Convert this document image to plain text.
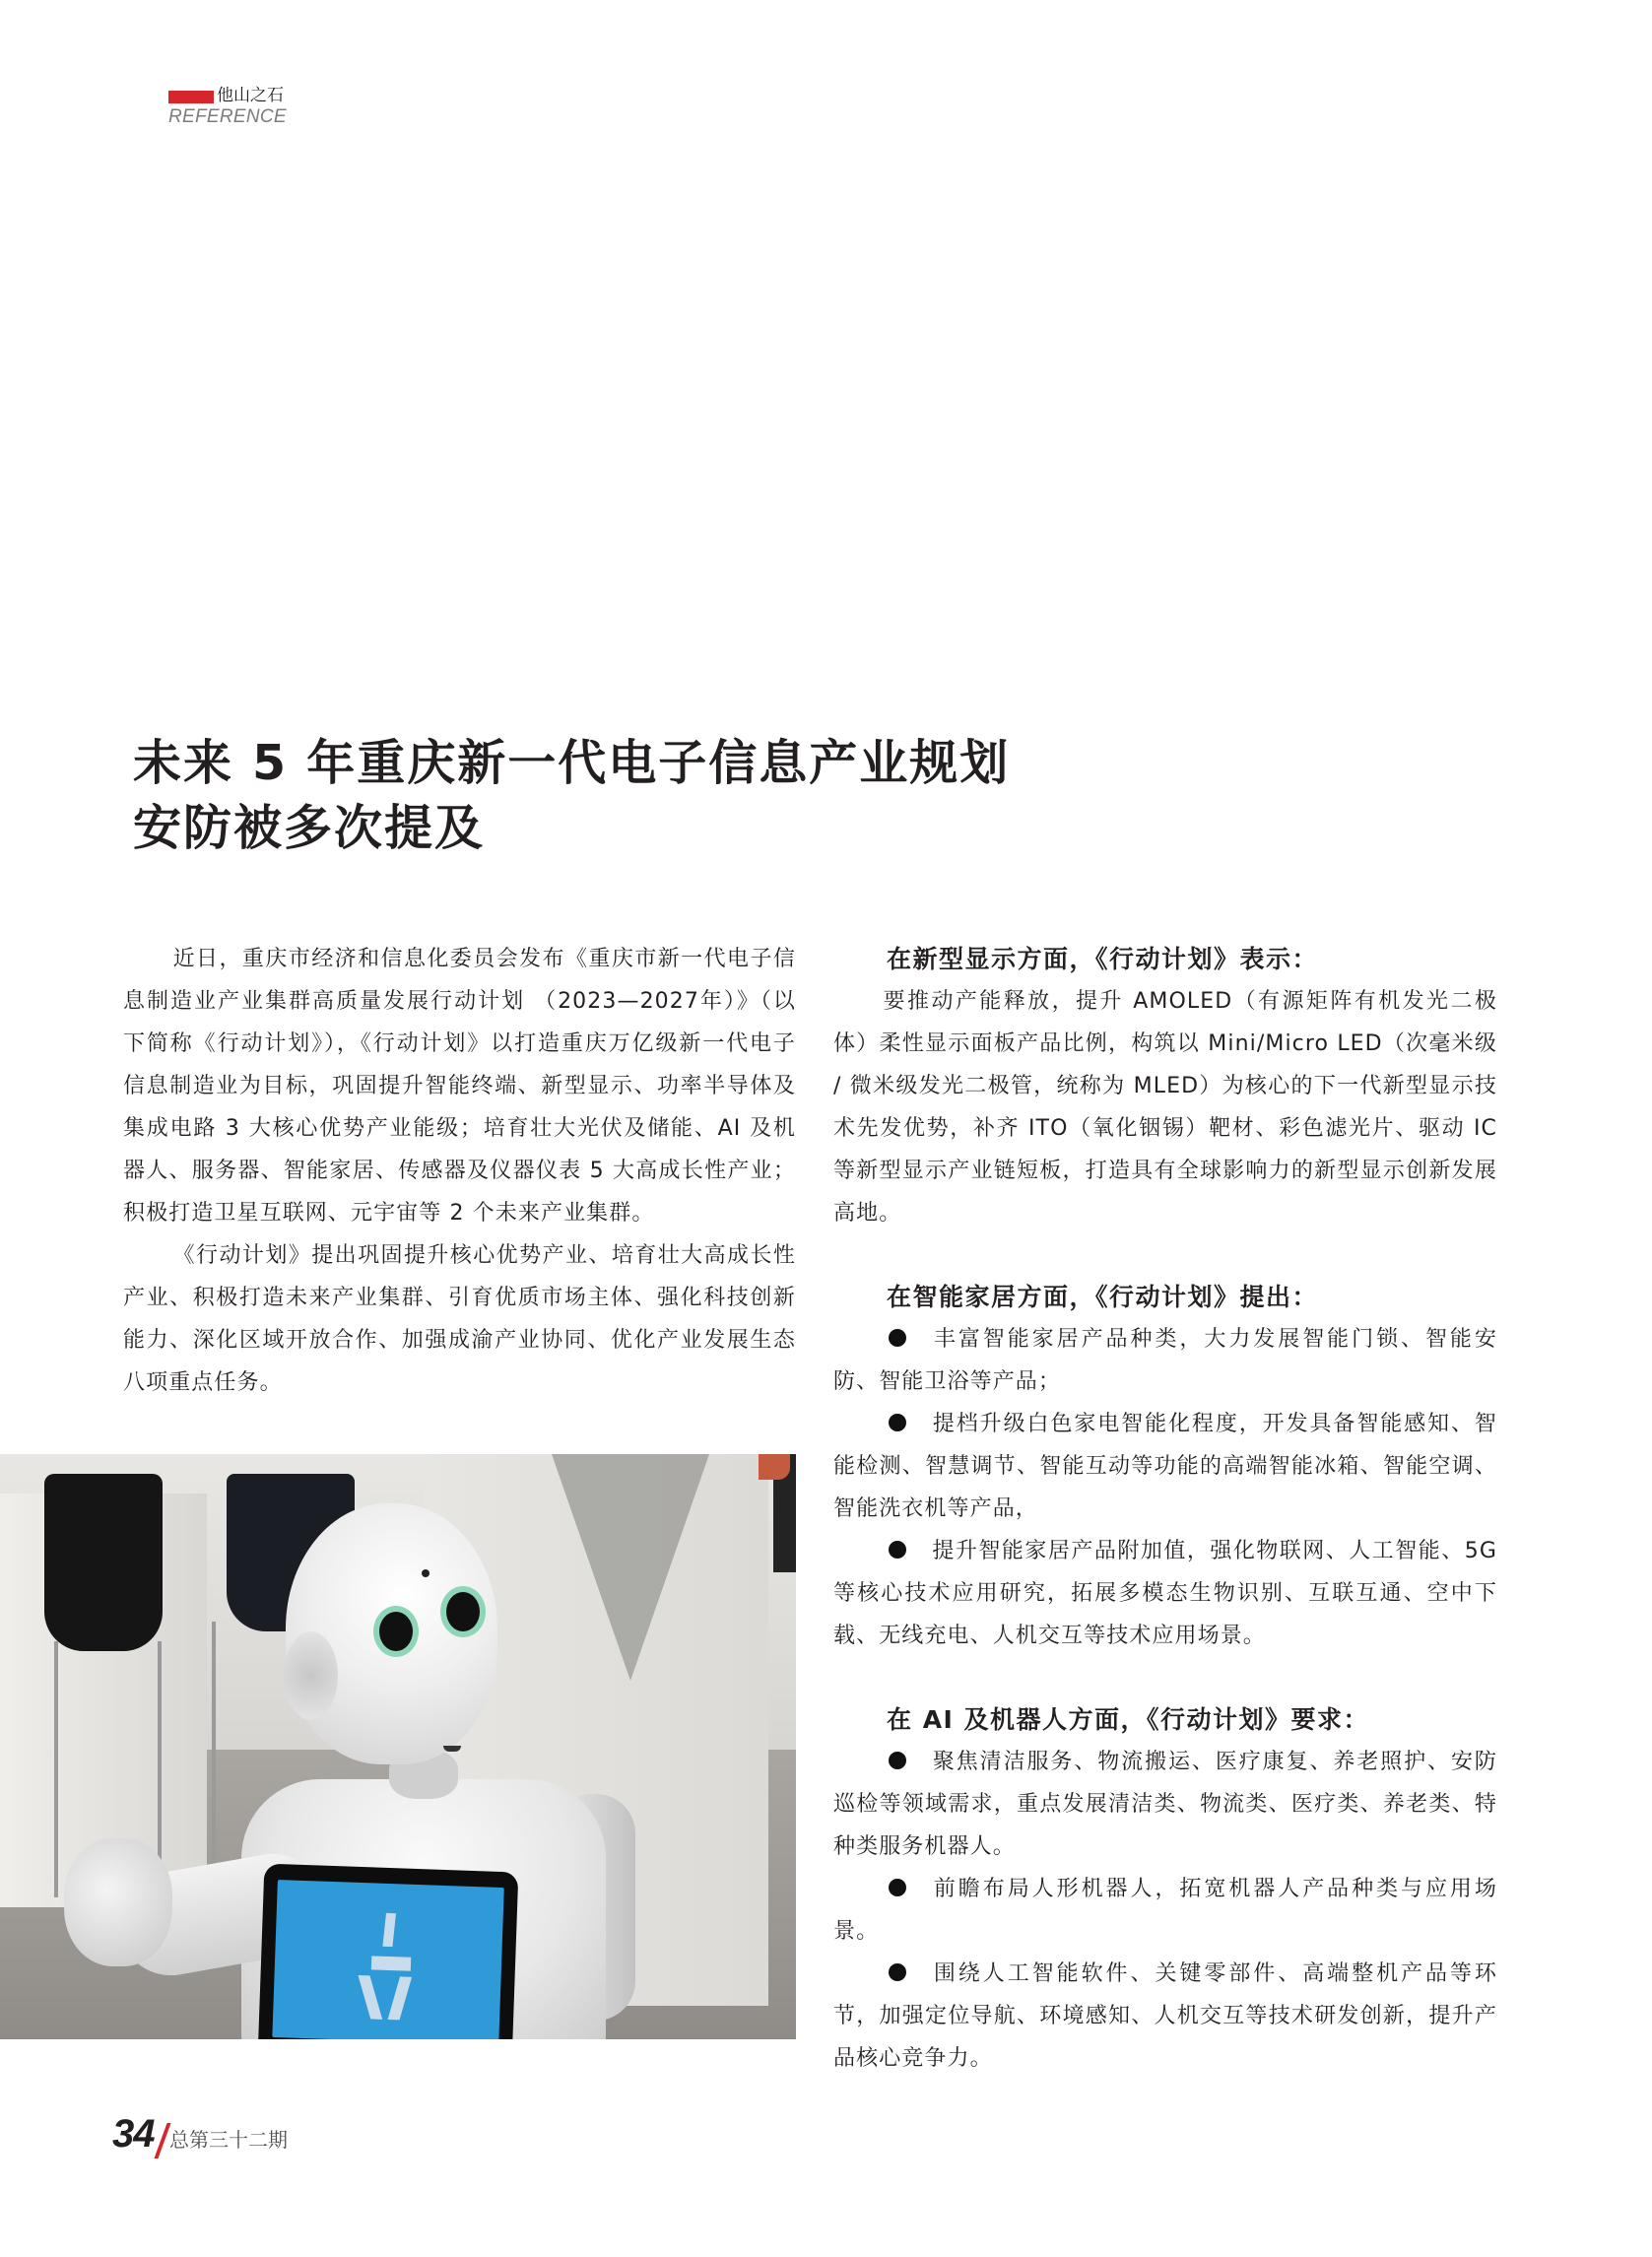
他山之石
REFERENCE
未来 5 年重庆新一代电子信息产业规划
安防被多次提及

近日，重庆市经济和信息化委员会发布《重庆市新一代电子信息制造业产业集群高质量发展行动计划 （2023—2027年）》（以下简称《行动计划》），《行动计划》以打造重庆万亿级新一代电子信息制造业为目标，巩固提升智能终端、新型显示、功率半导体及集成电路 3 大核心优势产业能级；培育壮大光伏及储能、AI 及机器人、服务器、智能家居、传感器及仪器仪表 5 大高成长性产业；积极打造卫星互联网、元宇宙等 2 个未来产业集群。

《行动计划》提出巩固提升核心优势产业、培育壮大高成长性产业、积极打造未来产业集群、引育优质市场主体、强化科技创新能力、深化区域开放合作、加强成渝产业协同、优化产业发展生态八项重点任务。

在新型显示方面，《行动计划》表示：

要推动产能释放，提升 AMOLED（有源矩阵有机发光二极体）柔性显示面板产品比例，构筑以 Mini/Micro LED（次毫米级 / 微米级发光二极管，统称为 MLED）为核心的下一代新型显示技术先发优势，补齐 ITO（氧化铟锡）靶材、彩色滤光片、驱动 IC 等新型显示产业链短板，打造具有全球影响力的新型显示创新发展高地。

在智能家居方面，《行动计划》提出：

丰富智能家居产品种类，大力发展智能门锁、智能安防、智能卫浴等产品；

提档升级白色家电智能化程度，开发具备智能感知、智能检测、智慧调节、智能互动等功能的高端智能冰箱、智能空调、智能洗衣机等产品，

提升智能家居产品附加值，强化物联网、人工智能、5G 等核心技术应用研究，拓展多模态生物识别、互联互通、空中下载、无线充电、人机交互等技术应用场景。

在 AI 及机器人方面，《行动计划》要求：

聚焦清洁服务、物流搬运、医疗康复、养老照护、安防巡检等领域需求，重点发展清洁类、物流类、医疗类、养老类、特种类服务机器人。

前瞻布局人形机器人，拓宽机器人产品种类与应用场景。

围绕人工智能软件、关键零部件、高端整机产品等环节，加强定位导航、环境感知、人机交互等技术研发创新，提升产品核心竞争力。

34 总第三十二期
